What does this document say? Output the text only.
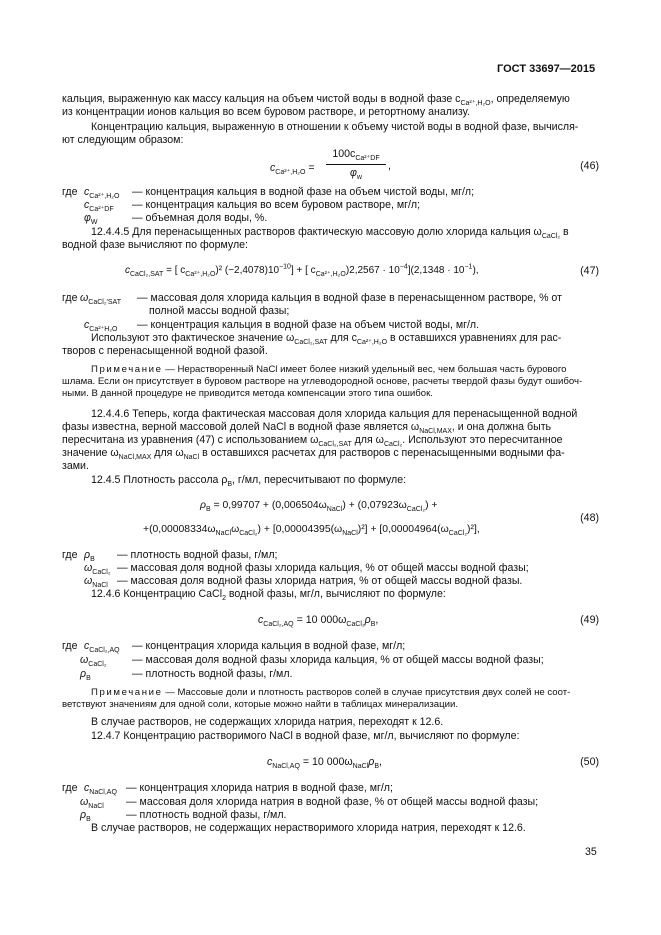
ГОСТ 33697—2015
кальция, выраженную как массу кальция на объем чистой воды в водной фазе $c_{Ca^{2+},H_2O}$, определяемую
из концентрации ионов кальция во всем буровом растворе, и ретортному анализу.
Концентрацию кальция, выраженную в отношении к объему чистой воды в водной фазе, вычисля-
ют следующим образом:
$c_{Ca^{2+},H_2O}$ =
$100c_{Ca^{2+}DF}$
$\varphi_w$
,	(46)
где $c_{Ca^{2+},H_2O}$ — концентрация кальция в водной фазе на объем чистой воды, мг/л;
$c_{Ca^{2+}DF}$ — концентрация кальция во всем буровом растворе, мг/л;
$\varphi_W$	— объемная доля воды, %.
12.4.4.5 Для перенасыщенных растворов фактическую массовую долю хлорида кальция $\omega_{CaCl_2}$ в
водной фазе вычисляют по формуле:
$c_{CaCl_2,SAT}$ = [ $c_{Ca^{2+},H_2O})^2$ $(-2,4078)10^{-10}$] + [ $c_{Ca^{2+},H_2O})2,2567 \cdot 10^{-4}](2,1348 \cdot 10^{-1})$,	(47)
где $\omega_{CaCl_2'SAT}$ — массовая доля хлорида кальция в водной фазе в перенасыщенном растворе, % от
полной массы водной фазы;
$c_{Ca^{2+}H_2O}$ — концентрация кальция в водной фазе на объем чистой воды, мг/л.
Используют это фактическое значение $\omega_{CaCl_2,SAT}$ для $c_{Ca^{2+},H_2O}$ в оставшихся уравнениях для рас-
творов с перенасыщенной водной фазой.
Примечание — Нерастворенный NaCl имеет более низкий удельный вес, чем большая часть бурового
шлама. Если он присутствует в буровом растворе на углеводородной основе, расчеты твердой фазы будут ошибоч-
ными. В данной процедуре не приводится метода компенсации этого типа ошибок.
12.4.4.6 Теперь, когда фактическая массовая доля хлорида кальция для перенасыщенной водной
фазы известна, верной массовой долей NaCl в водной фазе является $\omega_{NaCl,MAX}$, и она должна быть
пересчитана из уравнения (47) с использованием $\omega_{CaCl_2,SAT}$ для $\omega_{CaCl_2}$. Используют это пересчитанное
значение $\omega_{NaCl,MAX}$ для $\omega_{NaCl}$ в оставшихся расчетах для растворов с перенасыщенными водными фа-
зами.
12.4.5 Плотность рассола $\rho_B$, г/мл, пересчитывают по формуле:
$\rho_B = 0,99707 + (0,006504\omega_{NaCl}) + (0,07923\omega_{CaCl_2})$ +
$+(0,00008334\omega_{NaCl}\omega_{CaCl_2}) + [0,00004395(\omega_{NaCl})^2] + [0,00004964(\omega_{CaCl_2})^2]$,
(48)
где $\rho_B$ — плотность водной фазы, г/мл;
$\omega_{CaCl_2}$ — массовая доля водной фазы хлорида кальция, % от общей массы водной фазы;
$\omega_{NaCl}$ — массовая доля водной фазы хлорида натрия, % от общей массы водной фазы.
12.4.6 Концентрацию CaCl$_2$ водной фазы, мг/л, вычисляют по формуле:
$c_{CaCl_2,AQ} = 10$ $000\omega_{CaCl_2}\rho_B$,	(49)
где $c_{CaCl_2,AQ}$ — концентрация хлорида кальция в водной фазе, мг/л;
$\omega_{CaCl_2}$ — массовая доля водной фазы хлорида кальция, % от общей массы водной фазы;
$\rho_B$	— плотность водной фазы, г/мл.
Примечание — Массовые доли и плотность растворов солей в случае присутствия двух солей не соот-
ветствуют значениям для одной соли, которые можно найти в таблицах минерализации.
В случае растворов, не содержащих хлорида натрия, переходят к 12.6.
12.4.7 Концентрацию растворимого NaCl в водной фазе, мг/л, вычисляют по формуле:
$c_{NaCl,AQ} = 10$ $000\omega_{NaCl}\rho_B$,	(50)
где $c_{NaCl,AQ}$ — концентрация хлорида натрия в водной фазе, мг/л;
$\omega_{NaCl}$ — массовая доля хлорида натрия в водной фазе, % от общей массы водной фазы;
$\rho_B$	— плотность водной фазы, г/мл.
В случае растворов, не содержащих нерастворимого хлорида натрия, переходят к 12.6.
35
